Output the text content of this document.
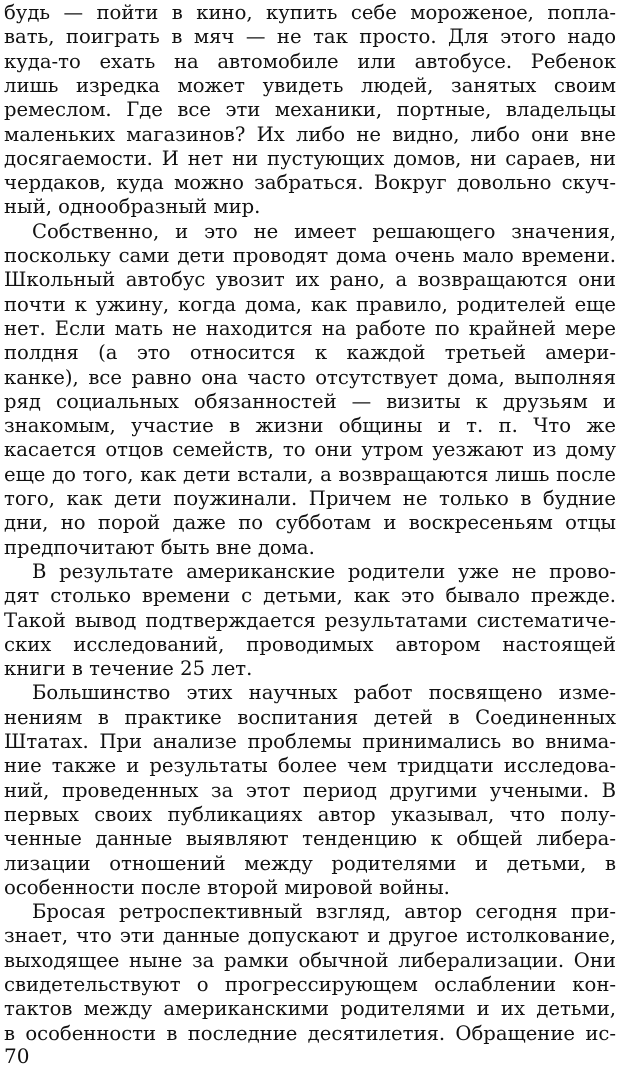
будь — пойти в кино, купить себе мороженое, попла-
вать, поиграть в мяч — не так просто. Для этого надо
куда-то ехать на автомобиле или автобусе. Ребенок
лишь изредка может увидеть людей, занятых своим
ремеслом. Где все эти механики, портные, владельцы
маленьких магазинов? Их либо не видно, либо они вне
досягаемости. И нет ни пустующих домов, ни сараев, ни
чердаков, куда можно забраться. Вокруг довольно скуч-
ный, однообразный мир.
Собственно, и это не имеет решающего значения,
поскольку сами дети проводят дома очень мало времени.
Школьный автобус увозит их рано, а возвращаются они
почти к ужину, когда дома, как правило, родителей еще
нет. Если мать не находится на работе по крайней мере
полдня (а это относится к каждой третьей амери-
канке), все равно она часто отсутствует дома, выполняя
ряд социальных обязанностей — визиты к друзьям и
знакомым, участие в жизни общины и т. п. Что же
касается отцов семейств, то они утром уезжают из дому
еще до того, как дети встали, а возвращаются лишь после
того, как дети поужинали. Причем не только в будние
дни, но порой даже по субботам и воскресеньям отцы
предпочитают быть вне дома.
В результате американские родители уже не прово-
дят столько времени с детьми, как это бывало прежде.
Такой вывод подтверждается результатами систематиче-
ских исследований, проводимых автором настоящей
книги в течение 25 лет.
Большинство этих научных работ посвящено изме-
нениям в практике воспитания детей в Соединенных
Штатах. При анализе проблемы принимались во внима-
ние также и результаты более чем тридцати исследова-
ний, проведенных за этот период другими учеными. В
первых своих публикациях автор указывал, что полу-
ченные данные выявляют тенденцию к общей либера-
лизации отношений между родителями и детьми, в
особенности после второй мировой войны.
Бросая ретроспективный взгляд, автор сегодня при-
знает, что эти данные допускают и другое истолкование,
выходящее ныне за рамки обычной либерализации. Они
свидетельствуют о прогрессирующем ослаблении кон-
тактов между американскими родителями и их детьми,
70
в особенности в последние десятилетия. Обращение ис-
